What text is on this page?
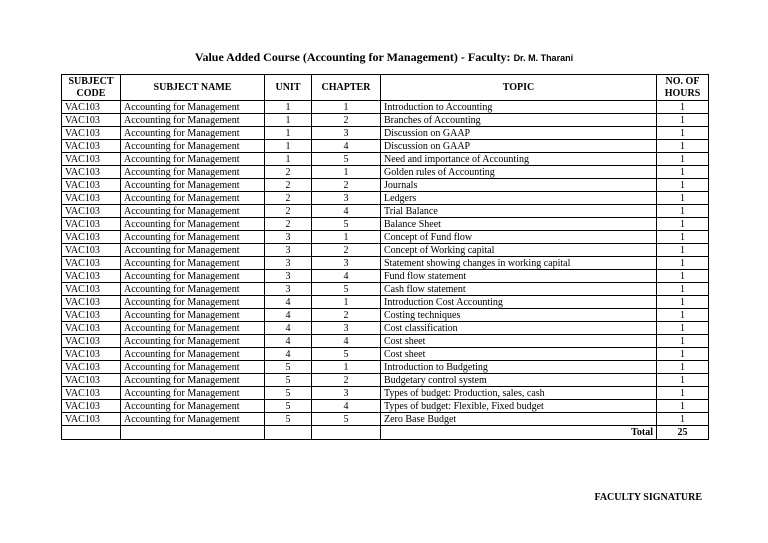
Value Added Course (Accounting for Management) - Faculty: Dr. M. Tharani
SUBJECT CODE	SUBJECT NAME	UNIT	CHAPTER	TOPIC	NO. OF HOURS
VAC103	Accounting for Management	1	1	Introduction to Accounting	1
VAC103	Accounting for Management	1	2	Branches of Accounting	1
VAC103	Accounting for Management	1	3	Discussion on GAAP	1
VAC103	Accounting for Management	1	4	Discussion on GAAP	1
VAC103	Accounting for Management	1	5	Need and importance of Accounting	1
VAC103	Accounting for Management	2	1	Golden rules of Accounting	1
VAC103	Accounting for Management	2	2	Journals	1
VAC103	Accounting for Management	2	3	Ledgers	1
VAC103	Accounting for Management	2	4	Trial Balance	1
VAC103	Accounting for Management	2	5	Balance Sheet	1
VAC103	Accounting for Management	3	1	Concept of Fund flow	1
VAC103	Accounting for Management	3	2	Concept of Working capital	1
VAC103	Accounting for Management	3	3	Statement showing changes in working capital	1
VAC103	Accounting for Management	3	4	Fund flow statement	1
VAC103	Accounting for Management	3	5	Cash flow statement	1
VAC103	Accounting for Management	4	1	Introduction Cost Accounting	1
VAC103	Accounting for Management	4	2	Costing techniques	1
VAC103	Accounting for Management	4	3	Cost classification	1
VAC103	Accounting for Management	4	4	Cost sheet	1
VAC103	Accounting for Management	4	5	Cost sheet	1
VAC103	Accounting for Management	5	1	Introduction to Budgeting	1
VAC103	Accounting for Management	5	2	Budgetary control system	1
VAC103	Accounting for Management	5	3	Types of budget: Production, sales, cash	1
VAC103	Accounting for Management	5	4	Types of budget: Flexible, Fixed budget	1
VAC103	Accounting for Management	5	5	Zero Base Budget	1
				Total	25
FACULTY SIGNATURE
